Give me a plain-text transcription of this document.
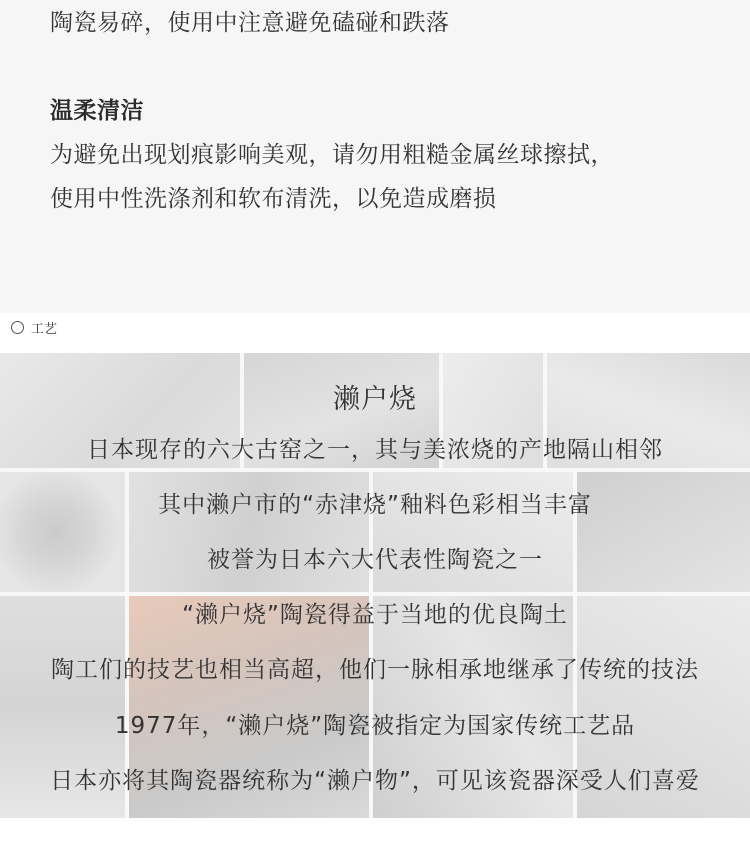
陶瓷易碎，使用中注意避免磕碰和跌落

温柔清洁

为避免出现划痕影响美观，请勿用粗糙金属丝球擦拭，

使用中性洗涤剂和软布清洗，以免造成磨损

工艺
濑户烧
日本现存的六大古窑之一，其与美浓烧的产地隔山相邻
其中濑户市的“赤津烧”釉料色彩相当丰富
被誉为日本六大代表性陶瓷之一
“濑户烧”陶瓷得益于当地的优良陶土
陶工们的技艺也相当高超，他们一脉相承地继承了传统的技法
1977年，“濑户烧”陶瓷被指定为国家传统工艺品
日本亦将其陶瓷器统称为“濑户物”，可见该瓷器深受人们喜爱
